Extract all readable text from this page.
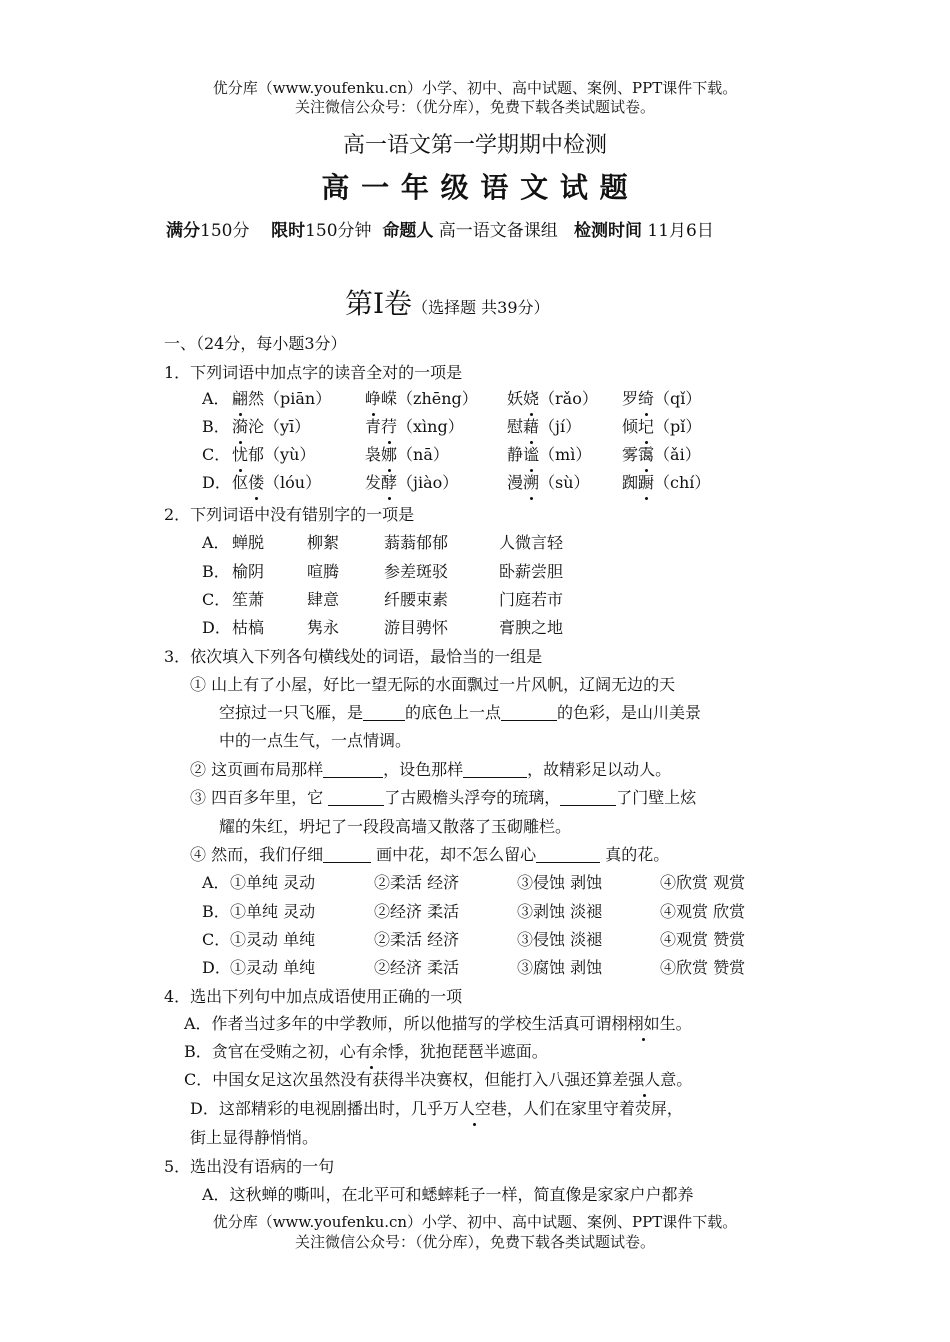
优分库（www.youfenku.cn）小学、初中、高中试题、案例、PPT课件下载。
关注微信公众号：（优分库），免费下载各类试题试卷。
高一语文第一学期期中检测
高 一 年 级 语 文 试 题
满分150分 限时150分钟 命题人 高一语文备课组 检测时间 11月6日
第Ⅰ卷（选择题 共39分）
一、（24分，每小题3分）
1．下列词语中加点字的读音全对的一项是
A． 翩然（piān） 峥嵘（zhēng） 妖娆（rǎo） 罗绮（qǐ）
B． 漪沦（yī）	青荇（xìng）	慰藉（jí）	倾圮（pǐ）
C． 忧郁（yù）	袅娜（nā）	静谧（mì） 雾霭（ǎi）
D． 伛偻（lóu）	发酵（jiào）	漫溯（sù） 踟蹰（chí）
2．下列词语中没有错别字的一项是
A． 蝉脱	柳絮	蓊蓊郁郁	人微言轻
B． 榆阴	喧腾	参差斑驳	卧薪尝胆
C． 笙萧	肆意	纤腰束素	门庭若市
D． 枯槁	隽永	游目骋怀	膏腴之地
3．依次填入下列各句横线处的词语，最恰当的一组是
① 山上有了小屋，好比一望无际的水面飘过一片风帆，辽阔无边的天
空掠过一只飞雁，是	的底色上一点	的色彩，是山川美景
中的一点生气，一点情调。
② 这页画布局那样	，设色那样	，故精彩足以动人。
③ 四百多年里，它	了古殿檐头浮夸的琉璃，	了门壁上炫
耀的朱红，坍圮了一段段高墙又散落了玉砌雕栏。
④ 然而，我们仔细	画中花，却不怎么留心	真的花。
A． ①单纯 灵动	②柔活 经济	③侵蚀 剥蚀	④欣赏 观赏
B． ①单纯 灵动	②经济 柔活	③剥蚀 淡褪	④观赏 欣赏
C． ①灵动 单纯	②柔活 经济	③侵蚀 淡褪	④观赏 赞赏
D． ①灵动 单纯	②经济 柔活	③腐蚀 剥蚀	④欣赏 赞赏
4．选出下列句中加点成语使用正确的一项
A．作者当过多年的中学教师，所以他描写的学校生活真可谓栩栩如生。
B．贪官在受贿之初，心有余悸，犹抱琵琶半遮面。
C．中国女足这次虽然没有获得半决赛权，但能打入八强还算差强人意。
D．这部精彩的电视剧播出时，几乎万人空巷，人们在家里守着荧屏，
街上显得静悄悄。
5．选出没有语病的一句
A．这秋蝉的嘶叫，在北平可和蟋蟀耗子一样，简直像是家家户户都养
优分库（www.youfenku.cn）小学、初中、高中试题、案例、PPT课件下载。
关注微信公众号：（优分库），免费下载各类试题试卷。
